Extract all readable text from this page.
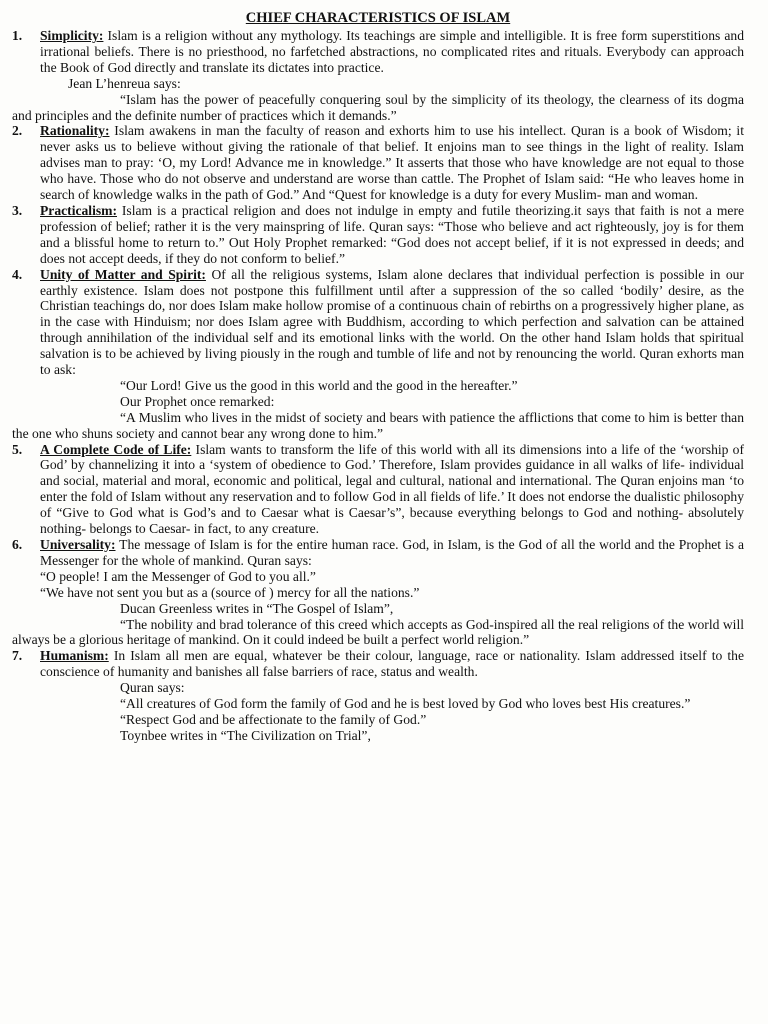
CHIEF CHARACTERISTICS OF ISLAM
1.	Simplicity: Islam is a religion without any mythology. Its teachings are simple and intelligible. It is free form superstitions and irrational beliefs. There is no priesthood, no farfetched abstractions, no complicated rites and rituals. Everybody can approach the Book of God directly and translate its dictates into practice.

Jean L’henreua says:

“Islam has the power of peacefully conquering soul by the simplicity of its theology, the clearness of its dogma and principles and the definite number of practices which it demands.”

2.	Rationality: Islam awakens in man the faculty of reason and exhorts him to use his intellect. Quran is a book of Wisdom; it never asks us to believe without giving the rationale of that belief. It enjoins man to see things in the light of reality. Islam advises man to pray: ‘O, my Lord! Advance me in knowledge.” It asserts that those who have knowledge are not equal to those who have. Those who do not observe and understand are worse than cattle. The Prophet of Islam said: “He who leaves home in search of knowledge walks in the path of God.” And “Quest for knowledge is a duty for every Muslim- man and woman.

3.	Practicalism: Islam is a practical religion and does not indulge in empty and futile theorizing.it says that faith is not a mere profession of belief; rather it is the very mainspring of life. Quran says: “Those who believe and act righteously, joy is for them and a blissful home to return to.” Out Holy Prophet remarked: “God does not accept belief, if it is not expressed in deeds; and does not accept deeds, if they do not conform to belief.”

4.	Unity of Matter and Spirit: Of all the religious systems, Islam alone declares that individual perfection is possible in our earthly existence. Islam does not postpone this fulfillment until after a suppression of the so called ‘bodily’ desire, as the Christian teachings do, nor does Islam make hollow promise of a continuous chain of rebirths on a progressively higher plane, as in the case with Hinduism; nor does Islam agree with Buddhism, according to which perfection and salvation can be attained through annihilation of the individual self and its emotional links with the world. On the other hand Islam holds that spiritual salvation is to be achieved by living piously in the rough and tumble of life and not by renouncing the world. Quran exhorts man to ask:

“Our Lord! Give us the good in this world and the good in the hereafter.”

Our Prophet once remarked:

“A Muslim who lives in the midst of society and bears with patience the afflictions that come to him is better than the one who shuns society and cannot bear any wrong done to him.”

5.	A Complete Code of Life: Islam wants to transform the life of this world with all its dimensions into a life of the ‘worship of God’ by channelizing it into a ‘system of obedience to God.’ Therefore, Islam provides guidance in all walks of life- individual and social, material and moral, economic and political, legal and cultural, national and international. The Quran enjoins man ‘to enter the fold of Islam without any reservation and to follow God in all fields of life.’ It does not endorse the dualistic philosophy of “Give to God what is God’s and to Caesar what is Caesar’s”, because everything belongs to God and nothing- absolutely nothing- belongs to Caesar- in fact, to any creature.

6.	Universality: The message of Islam is for the entire human race. God, in Islam, is the God of all the world and the Prophet is a Messenger for the whole of mankind. Quran says:

“O people! I am the Messenger of God to you all.”

“We have not sent you but as a (source of ) mercy for all the nations.”

Ducan Greenless writes in “The Gospel of Islam”,

“The nobility and brad tolerance of this creed which accepts as God-inspired all the real religions of the world will always be a glorious heritage of mankind. On it could indeed be built a perfect world religion.”

7.	Humanism: In Islam all men are equal, whatever be their colour, language, race or nationality. Islam addressed itself to the conscience of humanity and banishes all false barriers of race, status and wealth.

Quran says:

“All creatures of God form the family of God and he is best loved by God who loves best His creatures.”

“Respect God and be affectionate to the family of God.”

Toynbee writes in “The Civilization on Trial”,
